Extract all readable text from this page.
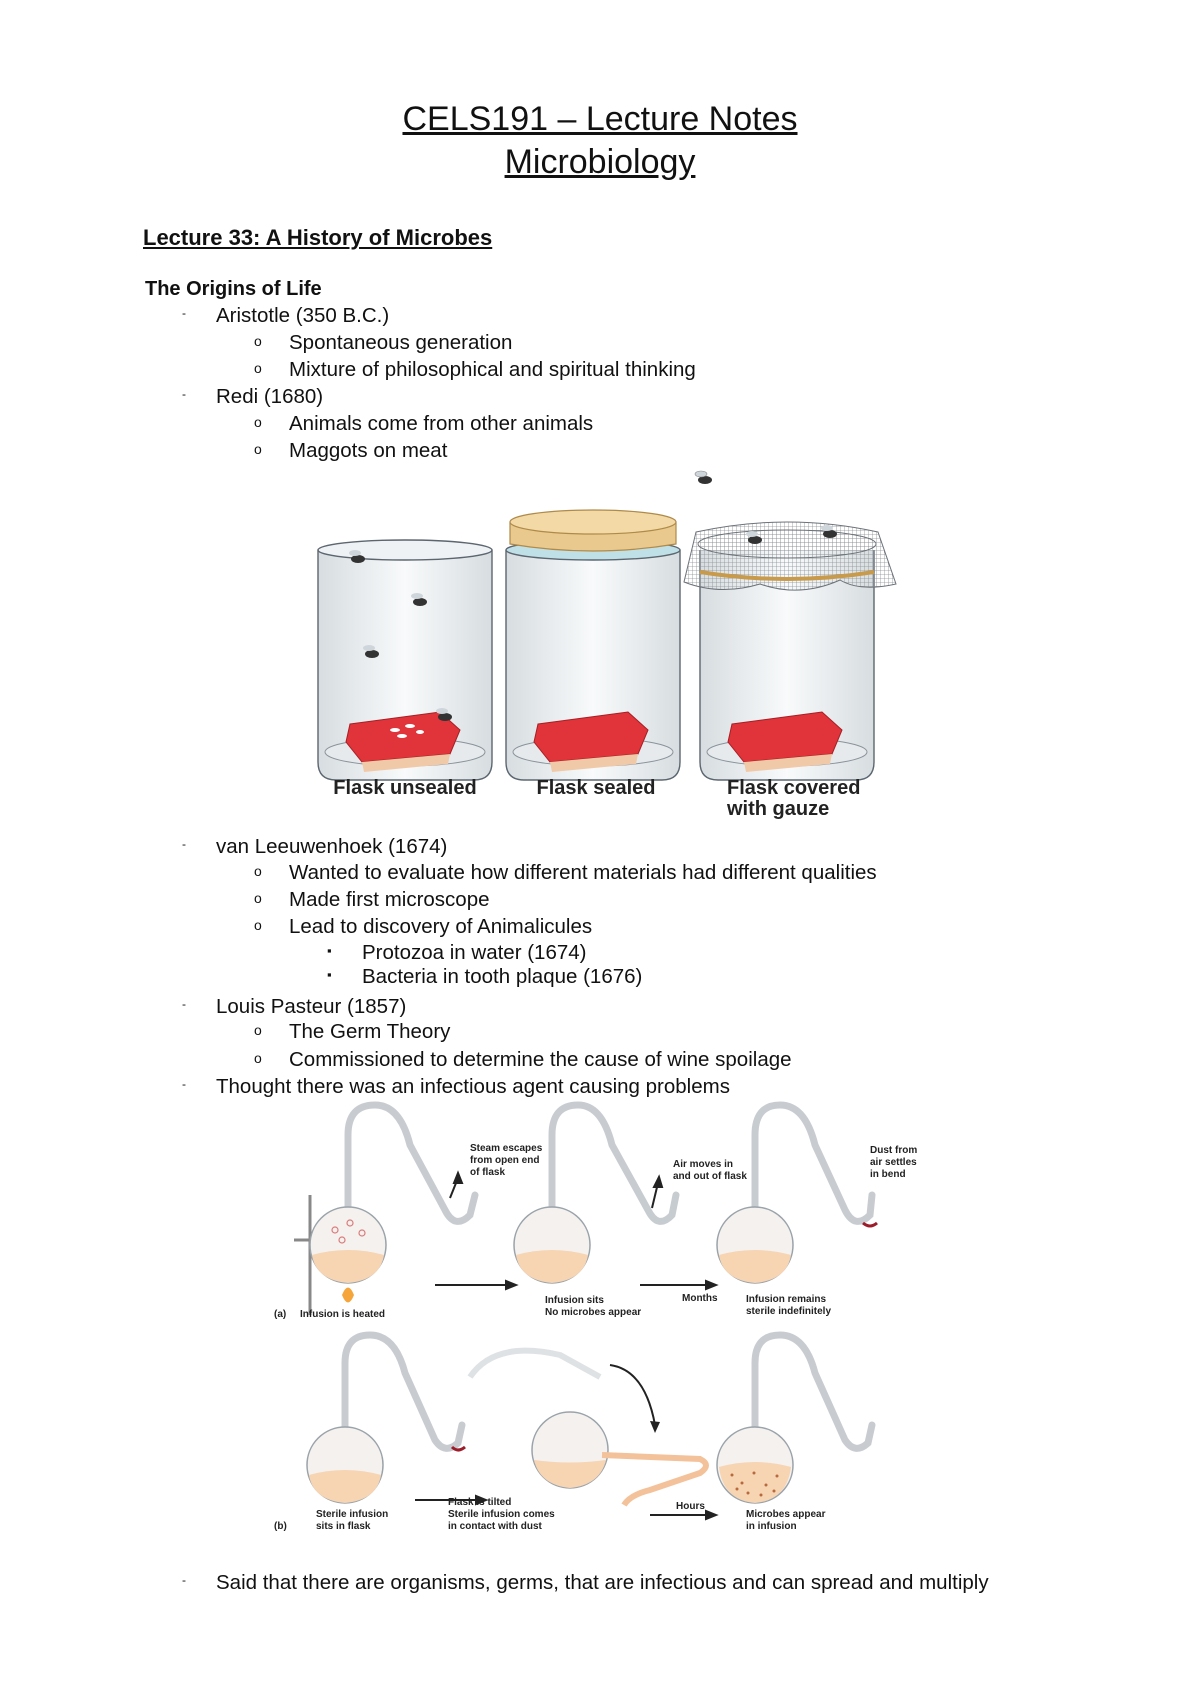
CELS191 – Lecture Notes
Microbiology
Lecture 33: A History of Microbes
The Origins of Life
- Aristotle (350 B.C.)
o Spontaneous generation
o Mixture of philosophical and spiritual thinking
- Redi (1680)
o Animals come from other animals
o Maggots on meat
Flask unsealed	Flask sealed	Flask covered
with gauze
- van Leeuwenhoek (1674)
o Wanted to evaluate how different materials had different qualities
o Made first microscope
o Lead to discovery of Animalicules
▪ Protozoa in water (1674)
▪ Bacteria in tooth plaque (1676)
- Louis Pasteur (1857)
o The Germ Theory
o Commissioned to determine the cause of wine spoilage
- Thought there was an infectious agent causing problems
(a) Infusion is heated
Steam escapes
from open end
of flask
Air moves in
and out of flask
Dust from
air settles
in bend
Infusion sits
No microbes appear
Months	Infusion remains
sterile indefinitely
(b)
Sterile infusion
sits in flask
Flask is tilted
Sterile infusion comes
in contact with dust
Hours
Microbes appear
in infusion
- Said that there are organisms, germs, that are infectious and can spread and multiply
